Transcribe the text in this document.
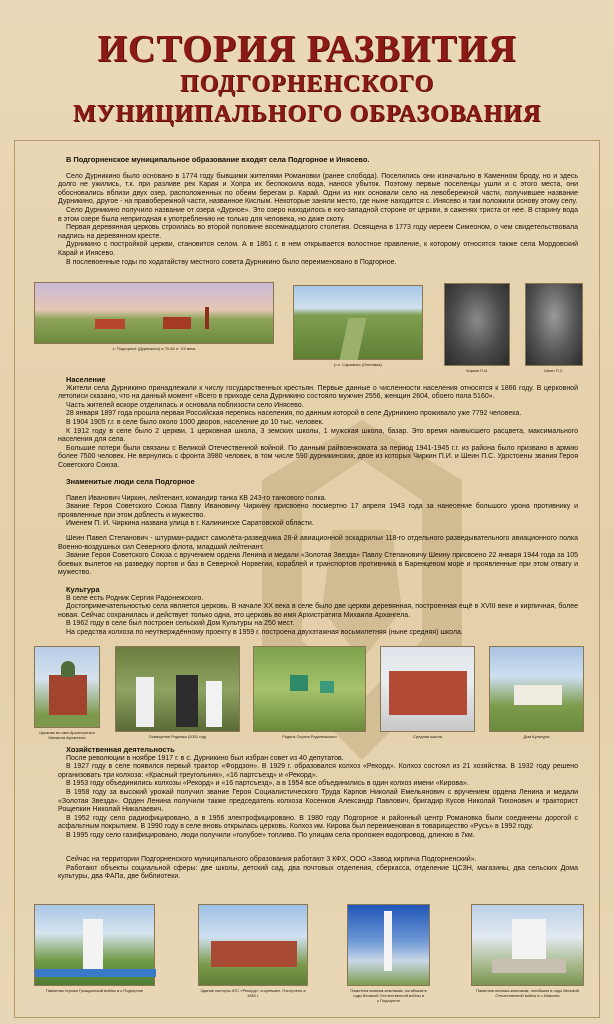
ИСТОРИЯ РАЗВИТИЯ
ПОДГОРНЕНСКОГО
МУНИЦИПАЛЬНОГО ОБРАЗОВАНИЯ

В Подгорненское муниципальное образование входят села Подгорное и Инясево.

Село Дурникино было основано в 1774 году бывшими жителями Романовки (ранее слобода). Поселились они изначально в Каменном броду, но и здесь долго не ужились, т.к. при разливе рек Карая и Хопра их беспокоила вода, нанося убыток. Поэтому первые поселенцы ушли и с этого места, они обосновались вблизи двух озер, расположенных по обеим берегам р. Карай. Одни из них основали село на левобережной части, получившее название Дурникино, другое - на правобережной части, названное Кислым. Некоторые заняли место, где ныне находится с. Инясево и там положили основу этому селу.

Село Дурникино получило название от озера «Дурное». Это озеро находилось в юго-западной стороне от церкви, в саженях триста от нее. В старину вода в этом озере была непригодная к употреблению не только для человека, но даже скоту.

Первая деревянная церковь строилась во второй половине восемнадцатого столетия. Освящена в 1773 году иереем Симеоном, о чем свидетельствовала надпись на деревянном кресте.

Дурникино с постройкой церкви, становится селом. А в 1861 г. в нем открывается волостное правление, к которому относятся также села Мордовский Карай и Инясево.

В послевоенные годы по ходатайству местного совета Дурникино было переименовано в Подгорное.

с. Подгорное (Дурникино) в 70-80 гг. XX века
р.п. Саржанко (Олеговка)
Чиркин П.И.	Шеин П.С.

Население

Жители села Дурникино принадлежали к числу государственных крестьян. Первые данные о численности населения относятся к 1866 году. В церковной летописи сказано, что на данный момент «Всего в приходе села Дурникино состояло мужчин 2556, женщин 2604, обоего пола 5160».

Часть жителей вскоре отделилась и основала поблизости село Инясево.

28 января 1897 года прошла первая Российская перепись населения, по данным которой в селе Дурникино проживало уже 7792 человека.

В 1904 1905 г.г. в селе было около 1000 дворов, население до 10 тыс. человек.

К 1912 году в селе было 2 церкви, 1 церковная школа, 3 земских школы, 1 мужская школа, базар. Это время наивысшего расцвета, максимального населения для села.

Большие потери были связаны с Великой Отечественной войной. По данным райвоенкомата за период 1941-1945 г.г. из района было призвано в армию более 7500 человек. Не вернулись с фронта 3980 человек, в том числе 590 дурникинских, двое из которых Чиркин П.И. и Шеин П.С. Удостоены звания Героя Советского Союза.

Знаменитые люди села Подгорное

Павел Иванович Чиркин, лейтенант, командир танка КВ 243-го танкового полка.

Звание Героя Советского Союза Павлу Ивановичу Чиркину присвоено посмертно 17 апреля 1943 года за нанесение большого урона противнику и проявленные при этом доблесть и мужество.

Именем П. И. Чиркина названа улица в г. Калининске Саратовской области.

Шеин Павел Степанович - штурман-радист самолёта-разведчика 28-й авиационной эскадрильи 118-го отдельного разведывательного авиационного полка Военно-воздушных сил Северного флота, младший лейтенант.

Звание Героя Советского Союза с вручением ордена Ленина и медали «Золотая Звезда» Павлу Степановичу Шеину присвоено 22 января 1944 года за 105 боевых вылетов на разведку портов и баз в Северной Норвегии, кораблей и транспортов противника в Баренцевом море и проявленные при этом отвагу и мужество.

Культура

В селе есть Родник Сергия Радонежского.

Достопримечательностью села является церковь. В начале XX века в селе было две церкви деревянная, построенная ещё в XVIII веке и кирпичная, более новая. Сейчас сохранилась и действует только одна, это церковь во имя Архистратига Михаила Архангела.

В 1962 году в селе был построен сельский Дом Культуры на 250 мест.

На средства колхоза по неутверждённому проекту в 1959 г. построена двухэтажная восьмилетняя (ныне средняя) школа.

Церковь во имя Архистратига Михаила Архангела	Освящение Родника (2001 год)	Родник Сергия Радонежского	Средняя школа	Дом Культуры

Хозяйственная деятельность

После революции в ноябре 1917 г. в с. Дурникино был избран совет из 40 депутатов.

В 1927 году в селе появился первый трактор «Фордзон». В 1929 г. образовался колхоз «Рекорд». Колхоз состоял из 21 хозяйства. В 1932 году решено организовать три колхоза: «Красный треугольник», «16 партсъезд» и «Рекорд».

В 1953 году объединились колхозы «Рекорд» и «16 партсъезд», а в 1954 все объединились в один колхоз имени «Кирова».

В 1958 году за высокий урожай получил звание Героя Социалистического Труда Карпов Николай Емельянович с вручением ордена Ленина и медали «Золотая Звезда». Орден Ленина получили также председатель колхоза Косенков Александр Павлович, бригадир Кусов Николай Тихонович и тракторист Рощепкин Николай Никалаевич.

В 1952 году село радиофицировано, а в 1956 электрофицировано. В 1980 году Подгорное и районный центр Романовка были соединены дорогой с асфальтным покрытием. В 1990 году в селе вновь открылась церковь. Колхоз им. Кирова был переименован в товарищество «Русь» в 1992 году.

В 1995 году село газифицировано, люди получили «голубое» топливо. По улицам села проложен водопровод, длиною в 7км.

Сейчас на территории Подгорненского муниципального образования работают 3 КФХ, ООО «Завод кирпича Подгорненский».

Работают объекты социальной сферы: две школы, детский сад, два почтовых отделения, сберкасса, отделение ЦСЗН, магазины, два сельских Дома культуры, два ФАПа, две библиотеки.

Памятник героям Гражданской войны в с.Подгорное	Здание конторы АТС «Рекорд», сгоревшее. Построено в 1980 г.
Памятник воинам-землякам, погибшим в годы Великой Отечественной войны в с.Подгорное
Памятник воинам-землякам, погибшим в годы Великой Отечественной войны в с.Инясево
